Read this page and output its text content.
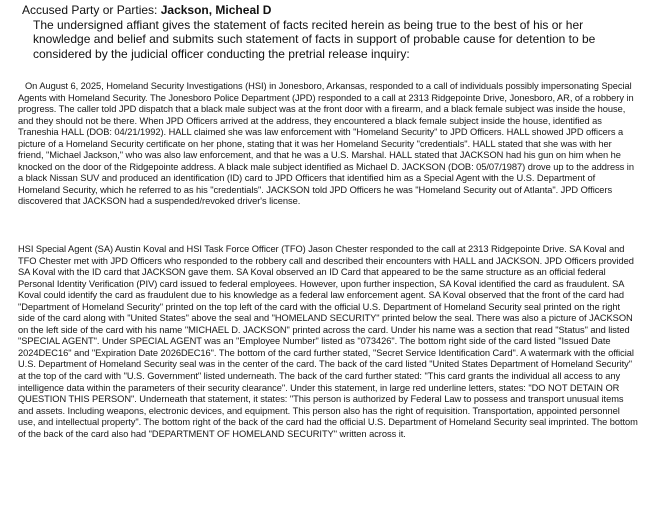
Accused Party or Parties: Jackson, Micheal D

The undersigned affiant gives the statement of facts recited herein as being true to the best of his or her knowledge and belief and submits such statement of facts in support of probable cause for detention to be considered by the judicial officer conducting the pretrial release inquiry:

On August 6, 2025, Homeland Security Investigations (HSI) in Jonesboro, Arkansas, responded to a call of individuals possibly impersonating Special Agents with Homeland Security. The Jonesboro Police Department (JPD) responded to a call at 2313 Ridgepointe Drive, Jonesboro, AR, of a robbery in progress. The caller told JPD dispatch that a black male subject was at the front door with a firearm, and a black female subject was inside the house, and they should not be there. When JPD Officers arrived at the address, they encountered a black female subject inside the house, identified as Traneshia HALL (DOB: 04/21/1992). HALL claimed she was law enforcement with "Homeland Security" to JPD Officers. HALL showed JPD officers a picture of a Homeland Security certificate on her phone, stating that it was her Homeland Security "credentials". HALL stated that she was with her friend, "Michael Jackson," who was also law enforcement, and that he was a U.S. Marshal. HALL stated that JACKSON had his gun on him when he knocked on the door of the Ridgepointe address. A black male subject identified as Michael D. JACKSON (DOB: 05/07/1987) drove up to the address in a black Nissan SUV and produced an identification (ID) card to JPD Officers that identified him as a Special Agent with the U.S. Department of Homeland Security, which he referred to as his "credentials". JACKSON told JPD Officers he was "Homeland Security out of Atlanta". JPD Officers discovered that JACKSON had a suspended/revoked driver's license.

HSI Special Agent (SA) Austin Koval and HSI Task Force Officer (TFO) Jason Chester responded to the call at 2313 Ridgepointe Drive. SA Koval and TFO Chester met with JPD Officers who responded to the robbery call and described their encounters with HALL and JACKSON. JPD Officers provided SA Koval with the ID card that JACKSON gave them. SA Koval observed an ID Card that appeared to be the same structure as an official federal Personal Identity Verification (PIV) card issued to federal employees. However, upon further inspection, SA Koval identified the card as fraudulent. SA Koval could identify the card as fraudulent due to his knowledge as a federal law enforcement agent. SA Koval observed that the front of the card had "Department of Homeland Security" printed on the top left of the card with the official U.S. Department of Homeland Security seal printed on the right side of the card along with "United States" above the seal and "HOMELAND SECURITY" printed below the seal. There was also a picture of JACKSON on the left side of the card with his name "MICHAEL D. JACKSON" printed across the card. Under his name was a section that read "Status" and listed "SPECIAL AGENT". Under SPECIAL AGENT was an "Employee Number" listed as "073426". The bottom right side of the card listed "Issued Date 2024DEC16" and "Expiration Date 2026DEC16". The bottom of the card further stated, "Secret Service Identification Card". A watermark with the official U.S. Department of Homeland Security seal was in the center of the card. The back of the card listed "United States Department of Homeland Security" at the top of the card with "U.S. Government" listed underneath. The back of the card further stated: "This card grants the individual all access to any intelligence data within the parameters of their security clearance". Under this statement, in large red underline letters, states: "DO NOT DETAIN OR QUESTION THIS PERSON". Underneath that statement, it states: "This person is authorized by Federal Law to possess and transport unusual items and assets. Including weapons, electronic devices, and equipment. This person also has the right of requisition. Transportation, appointed personnel use, and intellectual property". The bottom right of the back of the card had the official U.S. Department of Homeland Security seal imprinted. The bottom of the back of the card also had "DEPARTMENT OF HOMELAND SECURITY" written across it.
